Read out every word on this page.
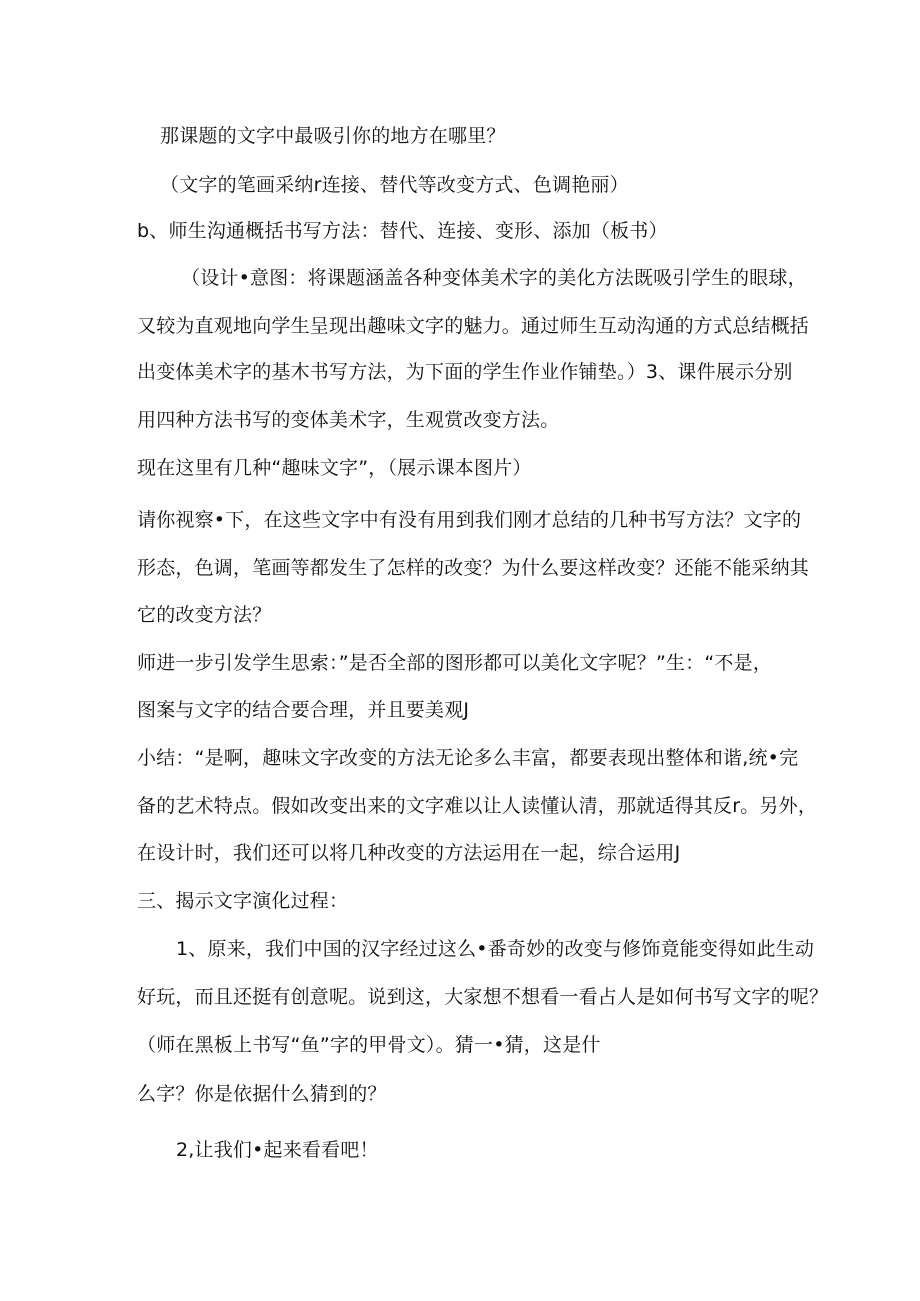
那课题的文字中最吸引你的地方在哪里？
（文字的笔画采纳r连接、替代等改变方式、色调艳丽）
b、师生沟通概括书写方法：替代、连接、变形、添加（板书）
（设计•意图：将课题涵盖各种变体美术字的美化方法既吸引学生的眼球，
又较为直观地向学生呈现出趣味文字的魅力。通过师生互动沟通的方式总结概括
出变体美术字的基木书写方法，为下面的学生作业作铺垫。）3、课件展示分别
用四种方法书写的变体美术字，生观赏改变方法。
现在这里有几种“趣味文字”，（展示课本图片）
请你视察•下，在这些文字中有没有用到我们刚才总结的几种书写方法？文字的
形态，色调，笔画等都发生了怎样的改变？为什么要这样改变？还能不能采纳其
它的改变方法？
师进一步引发学生思索：”是否全部的图形都可以美化文字呢？”生：“不是，
图案与文字的结合要合理，并且要美观J
小结：“是啊，趣味文字改变的方法无论多么丰富，都要表现出整体和谐,统•完
备的艺术特点。假如改变出来的文字难以让人读懂认清，那就适得其反r。另外，
在设计时，我们还可以将几种改变的方法运用在一起，综合运用J
三、揭示文字演化过程：
1、原来，我们中国的汉字经过这么•番奇妙的改变与修饰竟能变得如此生动
好玩，而且还挺有创意呢。说到这，大家想不想看一看占人是如何书写文字的呢？
（师在黑板上书写“鱼”字的甲骨文）。猜一•猜，这是什
么字？你是依据什么猜到的？
2,让我们•起来看看吧！
